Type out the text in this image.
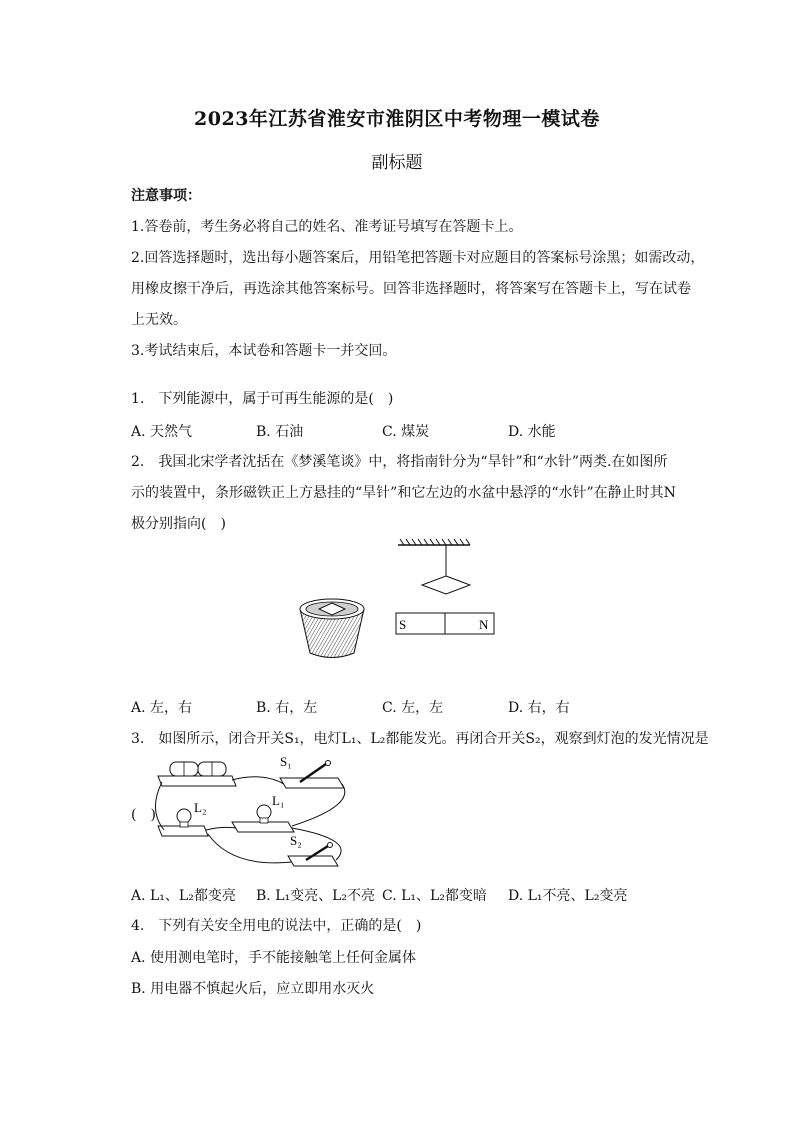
2023年江苏省淮安市淮阴区中考物理一模试卷
副标题
注意事项：
1.答卷前，考生务必将自己的姓名、准考证号填写在答题卡上。
2.回答选择题时，选出每小题答案后，用铅笔把答题卡对应题目的答案标号涂黑；如需改动，
用橡皮擦干净后，再选涂其他答案标号。回答非选择题时，将答案写在答题卡上，写在试卷
上无效。
3.考试结束后，本试卷和答题卡一并交回。
1.　下列能源中，属于可再生能源的是(　)
A. 天然气	B. 石油	C. 煤炭	D. 水能
2.　我国北宋学者沈括在《梦溪笔谈》中，将指南针分为“旱针”和“水针”两类.在如图所
示的装置中，条形磁铁正上方悬挂的“旱针”和它左边的水盆中悬浮的“水针”在静止时其N
极分别指向(　)
S	N
A. 左，右	B. 右，左	C. 左，左	D. 右，右
3.　如图所示，闭合开关S₁，电灯L₁、L₂都能发光。再闭合开关S₂，观察到灯泡的发光情况是
(　)
S₁
L₁
L₂
S₂
A. L₁、L₂都变亮 B. L₁变亮、L₂不亮 C. L₁、L₂都变暗 D. L₁不亮、L₂变亮
4.　下列有关安全用电的说法中，正确的是(　)
A. 使用测电笔时，手不能接触笔上任何金属体
B. 用电器不慎起火后，应立即用水灭火
